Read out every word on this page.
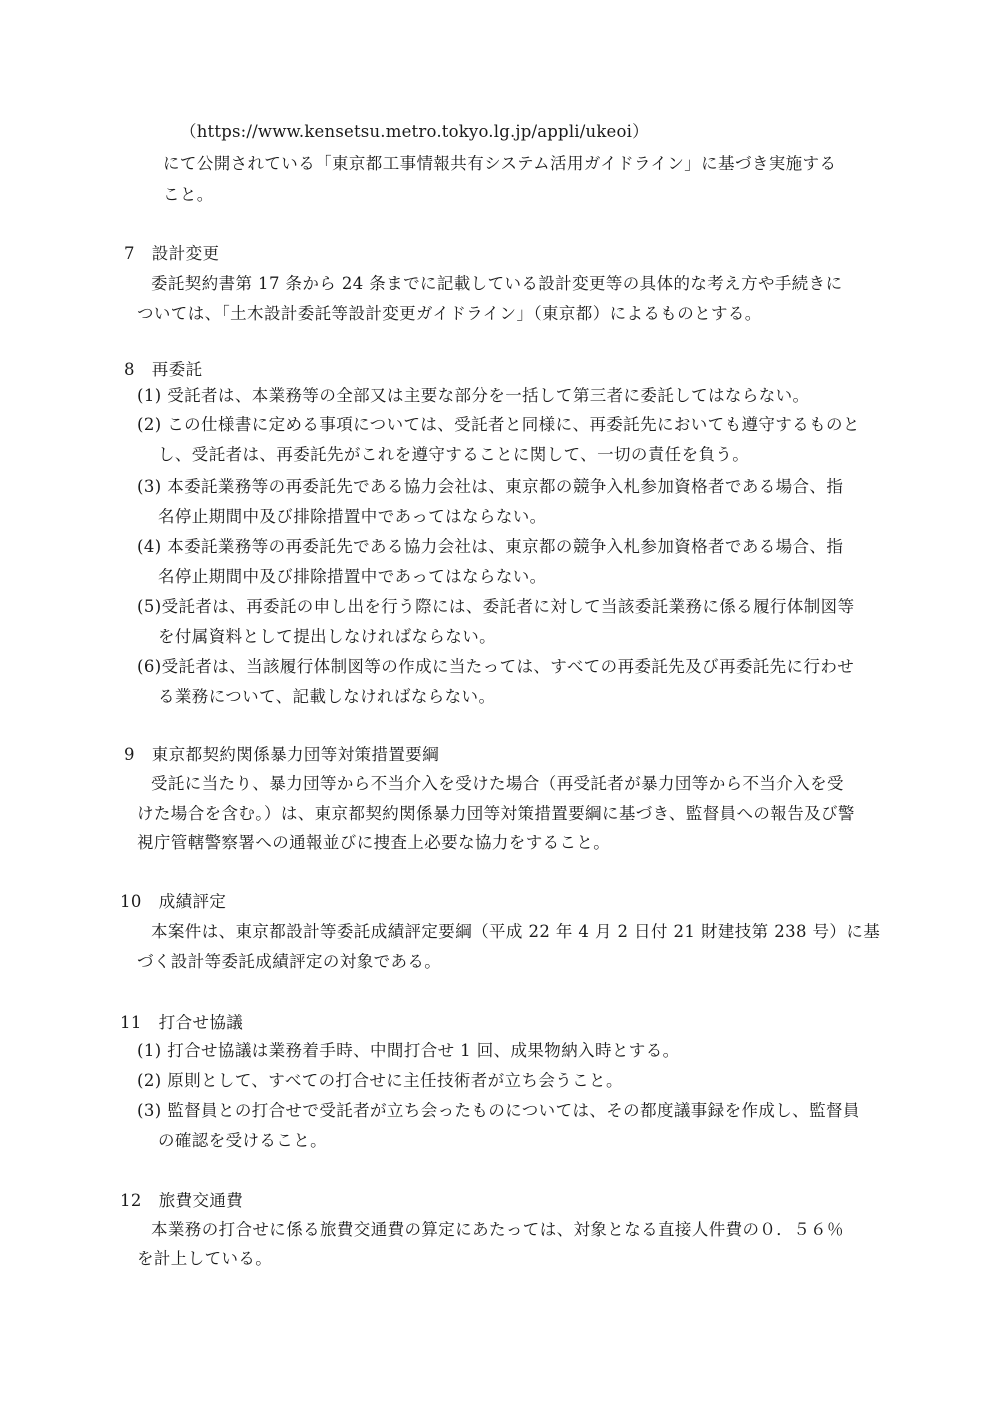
（https://www.kensetsu.metro.tokyo.lg.jp/appli/ukeoi）
にて公開されている「東京都工事情報共有システム活用ガイドライン」に基づき実施する
こと。
7　設計変更
委託契約書第 17 条から 24 条までに記載している設計変更等の具体的な考え方や手続きに
ついては、「土木設計委託等設計変更ガイドライン」（東京都）によるものとする。
8　再委託
(1) 受託者は、本業務等の全部又は主要な部分を一括して第三者に委託してはならない。
(2) この仕様書に定める事項については、受託者と同様に、再委託先においても遵守するものと
し、受託者は、再委託先がこれを遵守することに関して、一切の責任を負う。
(3) 本委託業務等の再委託先である協力会社は、東京都の競争入札参加資格者である場合、指
名停止期間中及び排除措置中であってはならない。
(4) 本委託業務等の再委託先である協力会社は、東京都の競争入札参加資格者である場合、指
名停止期間中及び排除措置中であってはならない。
(5)受託者は、再委託の申し出を行う際には、委託者に対して当該委託業務に係る履行体制図等
を付属資料として提出しなければならない。
(6)受託者は、当該履行体制図等の作成に当たっては、すべての再委託先及び再委託先に行わせ
る業務について、記載しなければならない。
9　東京都契約関係暴力団等対策措置要綱
受託に当たり、暴力団等から不当介入を受けた場合（再受託者が暴力団等から不当介入を受
けた場合を含む。）は、東京都契約関係暴力団等対策措置要綱に基づき、監督員への報告及び警
視庁管轄警察署への通報並びに捜査上必要な協力をすること。
10　成績評定
本案件は、東京都設計等委託成績評定要綱（平成 22 年 4 月 2 日付 21 財建技第 238 号）に基
づく設計等委託成績評定の対象である。
11　打合せ協議
(1) 打合せ協議は業務着手時、中間打合せ 1 回、成果物納入時とする。
(2) 原則として、すべての打合せに主任技術者が立ち会うこと。
(3) 監督員との打合せで受託者が立ち会ったものについては、その都度議事録を作成し、監督員
の確認を受けること。
12　旅費交通費
本業務の打合せに係る旅費交通費の算定にあたっては、対象となる直接人件費の０．５６％
を計上している。
